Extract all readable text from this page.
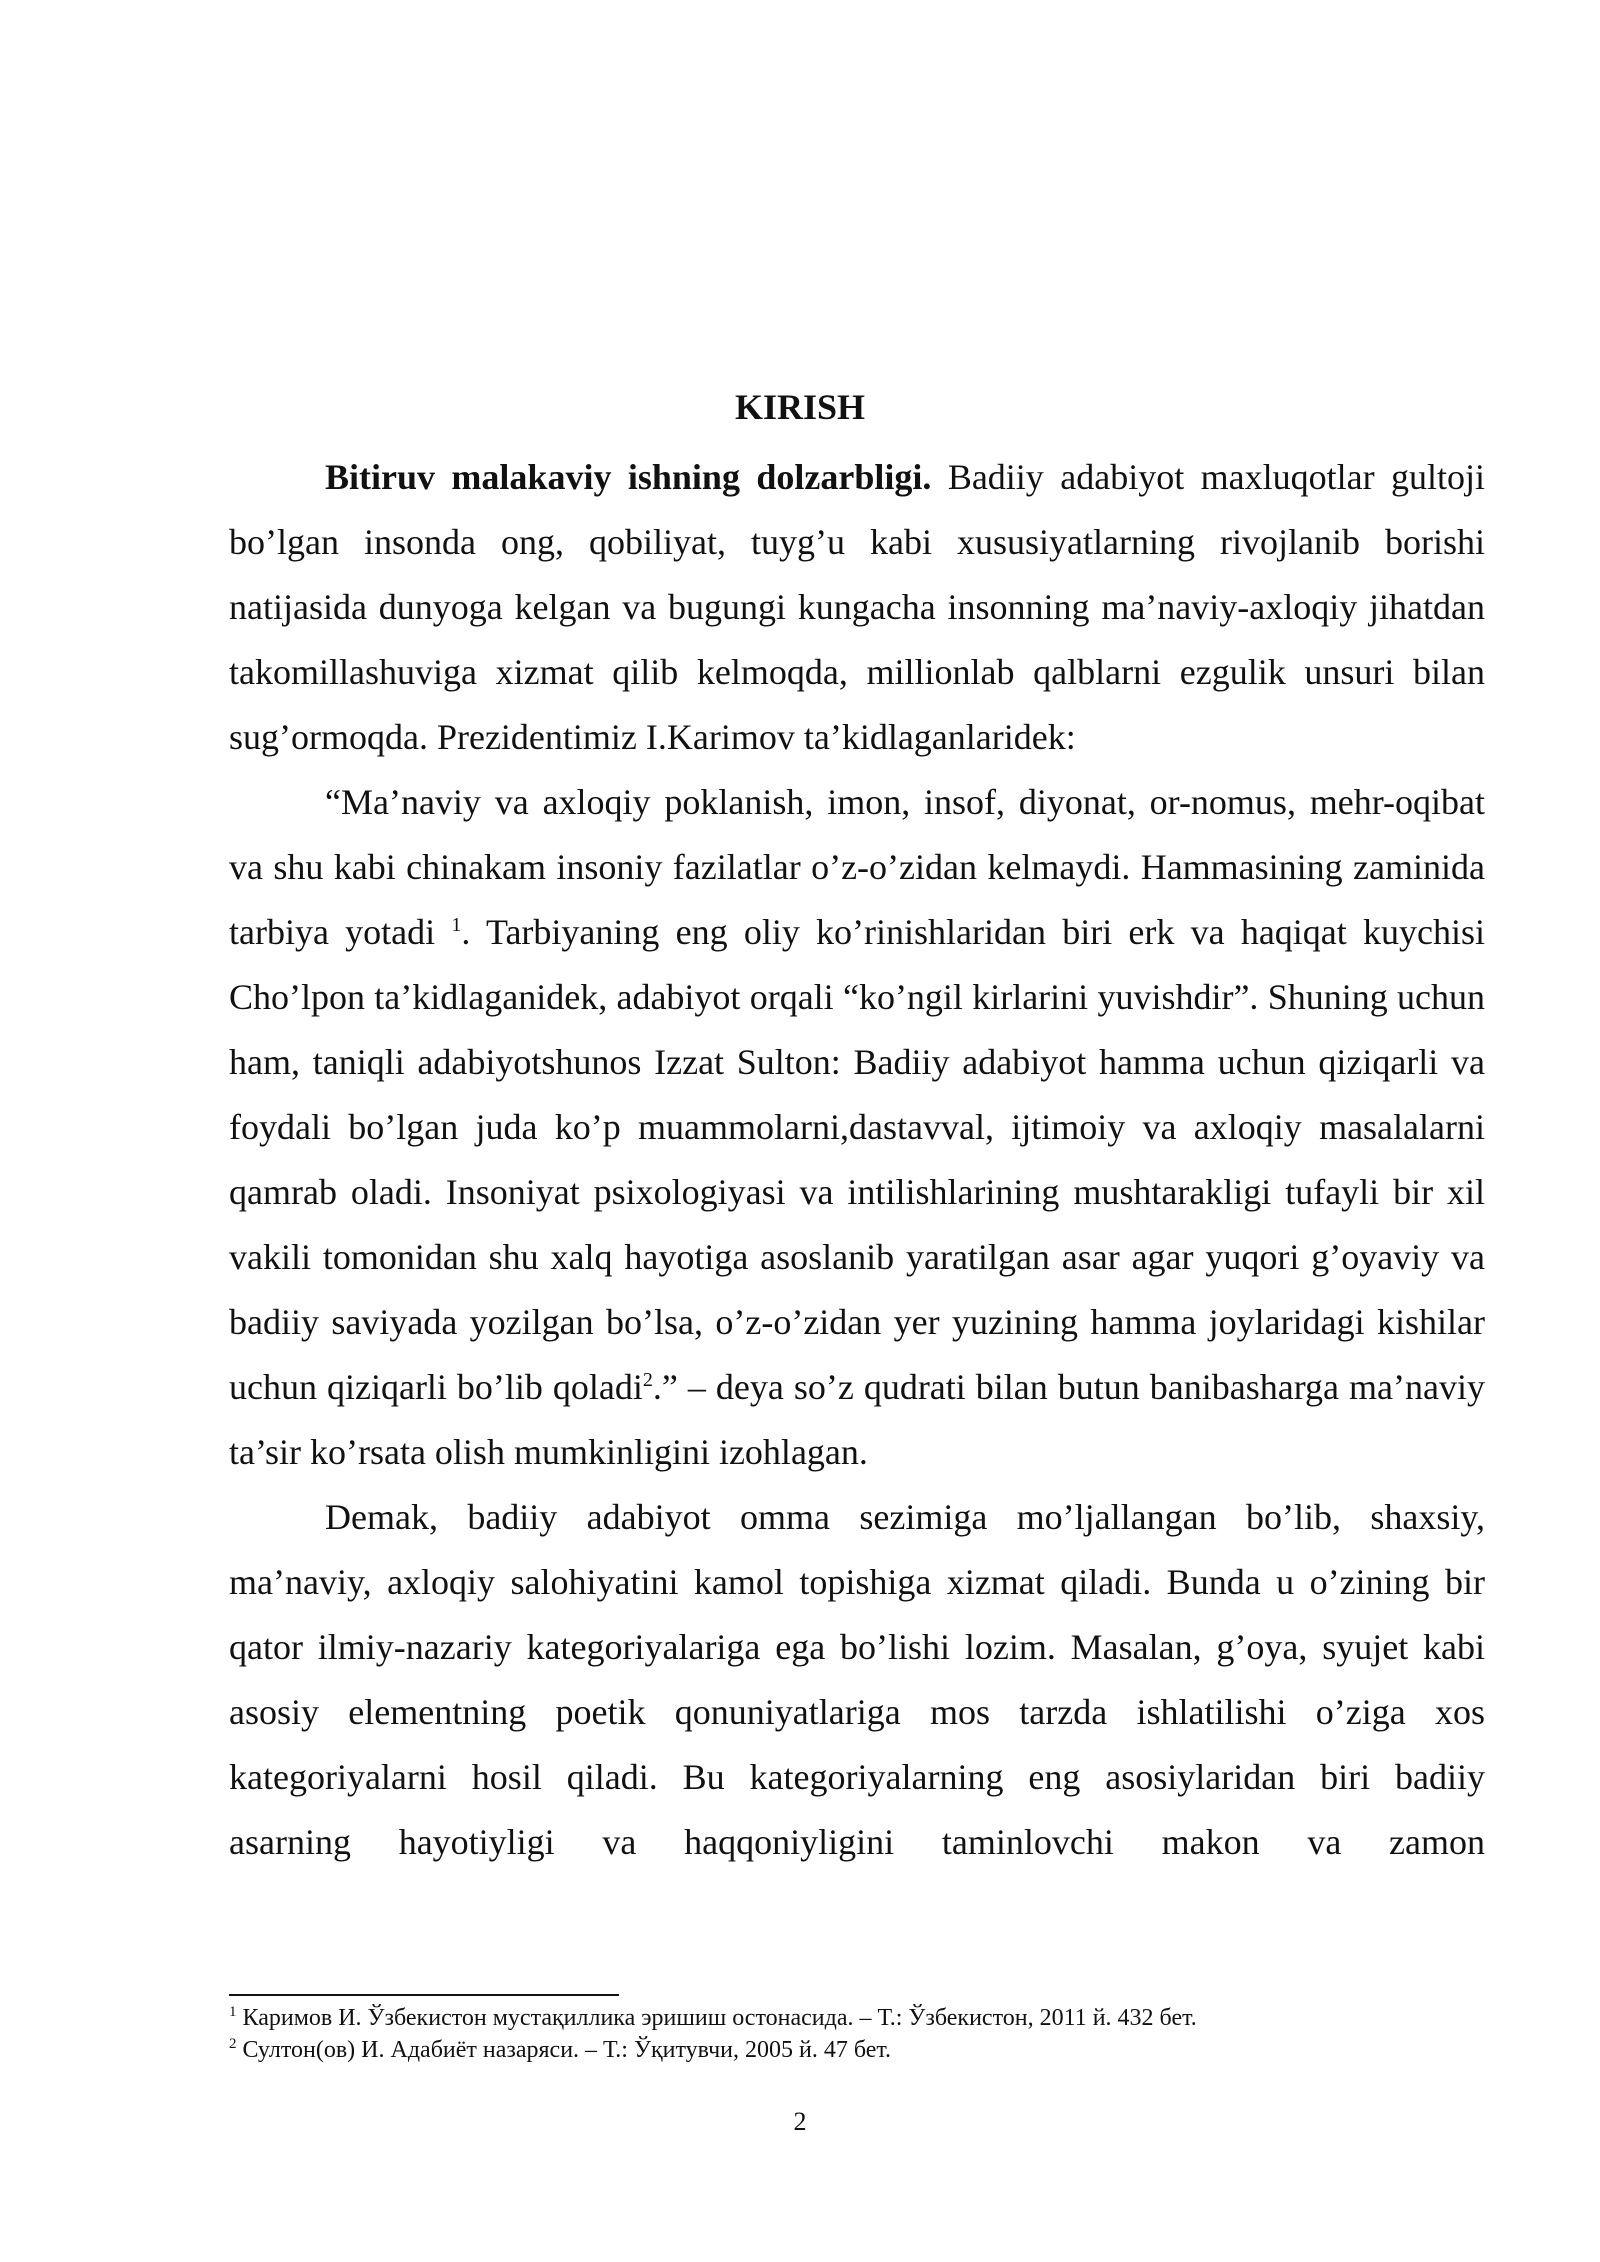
KIRISH

Bitiruv malakaviy ishning dolzarbligi. Badiiy adabiyot maxluqotlar gultoji bo’lgan insonda ong, qobiliyat, tuyg’u kabi xususiyatlarning rivojlanib borishi natijasida dunyoga kelgan va bugungi kungacha insonning ma’naviy-axloqiy jihatdan takomillashuviga xizmat qilib kelmoqda, millionlab qalblarni ezgulik unsuri bilan sug’ormoqda. Prezidentimiz I.Karimov ta’kidlaganlaridek:

“Ma’naviy va axloqiy poklanish, imon, insof, diyonat, or-nomus, mehr-oqibat va shu kabi chinakam insoniy fazilatlar o’z-o’zidan kelmaydi. Hammasining zaminida tarbiya yotadi $^1$. Tarbiyaning eng oliy ko’rinishlaridan biri erk va haqiqat kuychisi Cho’lpon ta’kidlaganidek, adabiyot orqali “ko’ngil kirlarini yuvishdir”. Shuning uchun ham, taniqli adabiyotshunos Izzat Sulton: Badiiy adabiyot hamma uchun qiziqarli va foydali bo’lgan juda ko’p muammolarni,dastavval, ijtimoiy va axloqiy masalalarni qamrab oladi. Insoniyat psixologiyasi va intilishlarining mushtarakligi tufayli bir xil vakili tomonidan shu xalq hayotiga asoslanib yaratilgan asar agar yuqori g’oyaviy va badiiy saviyada yozilgan bo’lsa, o’z-o’zidan yer yuzining hamma joylaridagi kishilar uchun qiziqarli bo’lib qoladi$^2$.” – deya so’z qudrati bilan butun banibasharga ma’naviy ta’sir ko’rsata olish mumkinligini izohlagan.

Demak, badiiy adabiyot omma sezimiga mo’ljallangan bo’lib, shaxsiy, ma’naviy, axloqiy salohiyatini kamol topishiga xizmat qiladi. Bunda u o’zining bir qator ilmiy-nazariy kategoriyalariga ega bo’lishi lozim. Masalan, g’oya, syujet kabi asosiy elementning poetik qonuniyatlariga mos tarzda ishlatilishi o’ziga xos kategoriyalarni hosil qiladi. Bu kategoriyalarning eng asosiylaridan biri badiiy asarning hayotiyligi va haqqoniyligini taminlovchi makon va zamon

$^1$ Каримов И. Ўзбекистон мустақиллика эришиш остонасида. – Т.: Ўзбекистон, 2011 й. 432 бет.

$^2$ Султон(ов) И. Адабиёт назаряси. – Т.: Ўқитувчи, 2005 й. 47 бет.

2
